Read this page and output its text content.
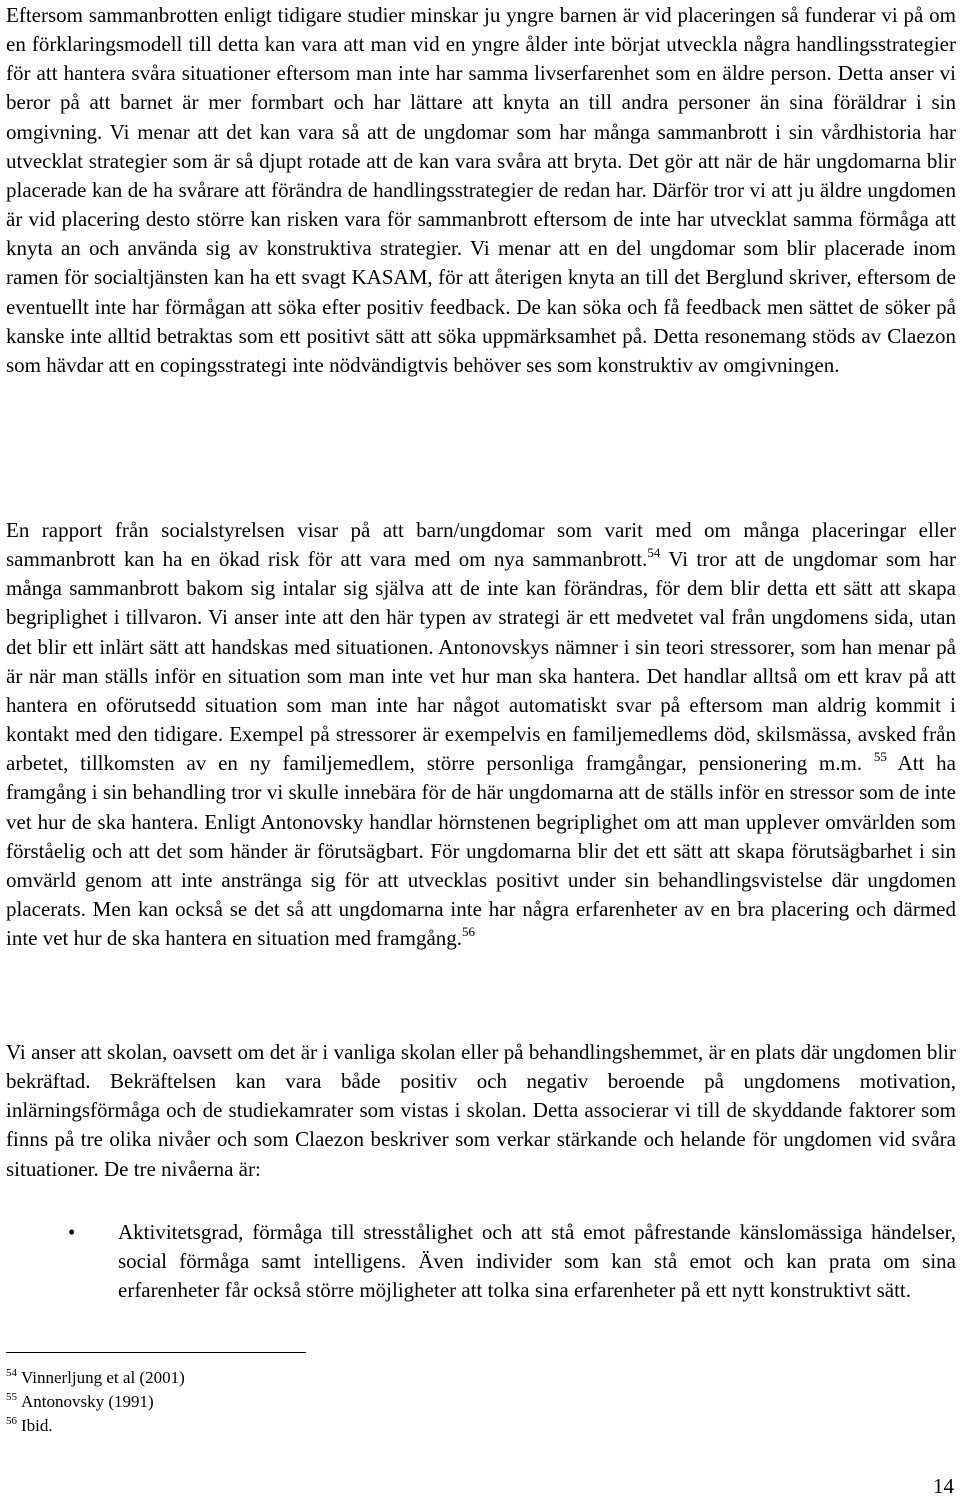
Eftersom sammanbrotten enligt tidigare studier minskar ju yngre barnen är vid placeringen så funderar vi på om en förklaringsmodell till detta kan vara att man vid en yngre ålder inte börjat utveckla några handlingsstrategier för att hantera svåra situationer eftersom man inte har samma livserfarenhet som en äldre person. Detta anser vi beror på att barnet är mer formbart och har lättare att knyta an till andra personer än sina föräldrar i sin omgivning. Vi menar att det kan vara så att de ungdomar som har många sammanbrott i sin vårdhistoria har utvecklat strategier som är så djupt rotade att de kan vara svåra att bryta. Det gör att när de här ungdomarna blir placerade kan de ha svårare att förändra de handlingsstrategier de redan har. Därför tror vi att ju äldre ungdomen är vid placering desto större kan risken vara för sammanbrott eftersom de inte har utvecklat samma förmåga att knyta an och använda sig av konstruktiva strategier. Vi menar att en del ungdomar som blir placerade inom ramen för socialtjänsten kan ha ett svagt KASAM, för att återigen knyta an till det Berglund skriver, eftersom de eventuellt inte har förmågan att söka efter positiv feedback. De kan söka och få feedback men sättet de söker på kanske inte alltid betraktas som ett positivt sätt att söka uppmärksamhet på. Detta resonemang stöds av Claezon som hävdar att en copingsstrategi inte nödvändigtvis behöver ses som konstruktiv av omgivningen.

En rapport från socialstyrelsen visar på att barn/ungdomar som varit med om många placeringar eller sammanbrott kan ha en ökad risk för att vara med om nya sammanbrott.$^{54}$ Vi tror att de ungdomar som har många sammanbrott bakom sig intalar sig själva att de inte kan förändras, för dem blir detta ett sätt att skapa begriplighet i tillvaron. Vi anser inte att den här typen av strategi är ett medvetet val från ungdomens sida, utan det blir ett inlärt sätt att handskas med situationen. Antonovskys nämner i sin teori stressorer, som han menar på är när man ställs inför en situation som man inte vet hur man ska hantera. Det handlar alltså om ett krav på att hantera en oförutsedd situation som man inte har något automatiskt svar på eftersom man aldrig kommit i kontakt med den tidigare. Exempel på stressorer är exempelvis en familjemedlems död, skilsmässa, avsked från arbetet, tillkomsten av en ny familjemedlem, större personliga framgångar, pensionering m.m. $^{55}$ Att ha framgång i sin behandling tror vi skulle innebära för de här ungdomarna att de ställs inför en stressor som de inte vet hur de ska hantera. Enligt Antonovsky handlar hörnstenen begriplighet om att man upplever omvärlden som förståelig och att det som händer är förutsägbart. För ungdomarna blir det ett sätt att skapa förutsägbarhet i sin omvärld genom att inte anstränga sig för att utvecklas positivt under sin behandlingsvistelse där ungdomen placerats. Men kan också se det så att ungdomarna inte har några erfarenheter av en bra placering och därmed inte vet hur de ska hantera en situation med framgång.$^{56}$

Vi anser att skolan, oavsett om det är i vanliga skolan eller på behandlingshemmet, är en plats där ungdomen blir bekräftad. Bekräftelsen kan vara både positiv och negativ beroende på ungdomens motivation, inlärningsförmåga och de studiekamrater som vistas i skolan. Detta associerar vi till de skyddande faktorer som finns på tre olika nivåer och som Claezon beskriver som verkar stärkande och helande för ungdomen vid svåra situationer. De tre nivåerna är:

• Aktivitetsgrad, förmåga till stresstålighet och att stå emot påfrestande känslomässiga händelser, social förmåga samt intelligens. Även individer som kan stå emot och kan prata om sina erfarenheter får också större möjligheter att tolka sina erfarenheter på ett nytt konstruktivt sätt.
$^{54}$ Vinnerljung et al (2001)
$^{55}$ Antonovsky (1991)
$^{56}$ Ibid.
14
